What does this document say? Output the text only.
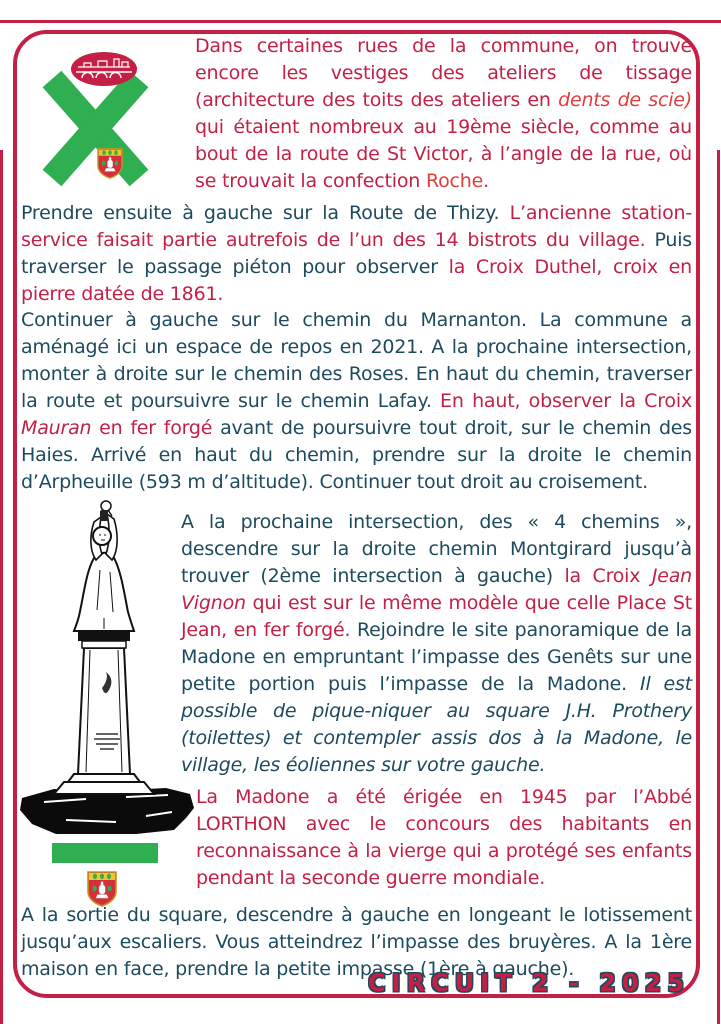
Dans certaines rues de la commune, on trouve encore les vestiges des ateliers de tissage (architecture des toits des ateliers en dents de scie) qui étaient nombreux au 19ème siècle, comme au bout de la route de St Victor, à l’angle de la rue, où se trouvait la confection Roche.
Prendre ensuite à gauche sur la Route de Thizy. L’ancienne station-service faisait partie autrefois de l’un des 14 bistrots du village. Puis traverser le passage piéton pour observer la Croix Duthel, croix en pierre datée de 1861.
Continuer à gauche sur le chemin du Marnanton. La commune a aménagé ici un espace de repos en 2021. A la prochaine intersection, monter à droite sur le chemin des Roses. En haut du chemin, traverser la route et poursuivre sur le chemin Lafay. En haut, observer la Croix Mauran en fer forgé avant de poursuivre tout droit, sur le chemin des Haies. Arrivé en haut du chemin, prendre sur la droite le chemin d’Arpheuille (593 m d’altitude). Continuer tout droit au croisement.
A la prochaine intersection, des « 4 chemins », descendre sur la droite chemin Montgirard jusqu’à trouver (2ème intersection à gauche) la Croix Jean Vignon qui est sur le même modèle que celle Place St Jean, en fer forgé. Rejoindre le site panoramique de la Madone en empruntant l’impasse des Genêts sur une petite portion puis l’impasse de la Madone. Il est possible de pique-niquer au square J.H. Prothery (toilettes) et contempler assis dos à la Madone, le village, les éoliennes sur votre gauche.
La Madone a été érigée en 1945 par l’Abbé LORTHON avec le concours des habitants en reconnaissance à la vierge qui a protégé ses enfants pendant la seconde guerre mondiale.
A la sortie du square, descendre à gauche en longeant le lotissement jusqu’aux escaliers. Vous atteindrez l’impasse des bruyères. A la 1ère maison en face, prendre la petite impasse (1ère à gauche).
CIRCUIT 2 - 2025
